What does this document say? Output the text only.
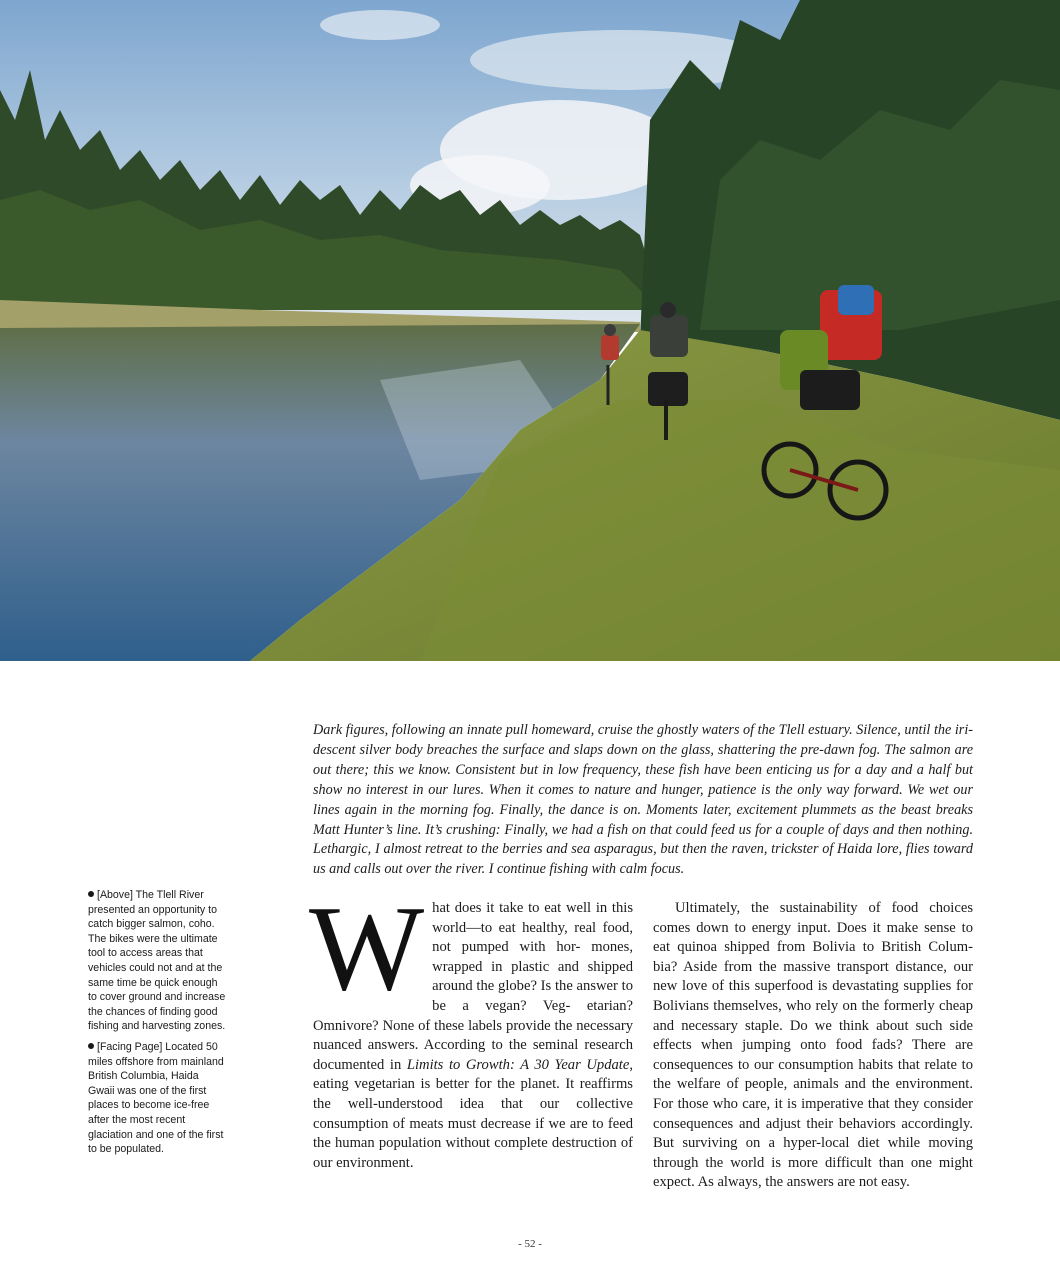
Dark figures, following an innate pull homeward, cruise the ghostly waters of the Tlell estuary. Silence, until the iri- descent silver body breaches the surface and slaps down on the glass, shattering the pre-dawn fog. The salmon are out there; this we know. Consistent but in low frequency, these fish have been enticing us for a day and a half but show no interest in our lures. When it comes to nature and hunger, patience is the only way forward. We wet our lines again in the morning fog. Finally, the dance is on. Moments later, excitement plummets as the beast breaks Matt Hunter’s line. It’s crushing: Finally, we had a fish on that could feed us for a couple of days and then nothing. Lethargic, I almost retreat to the berries and sea asparagus, but then the raven, trickster of Haida lore, flies toward us and calls out over the river. I continue fishing with calm focus.

[Above] The Tlell River presented an opportunity to catch bigger salmon, coho. The bikes were the ultimate tool to access areas that vehicles could not and at the same time be quick enough to cover ground and increase the chances of finding good fishing and harvesting zones.

[Facing Page] Located 50 miles offshore from mainland British Columbia, Haida Gwaii was one of the first places to become ice-free after the most recent glaciation and one of the first to be populated.

What does it take to eat well in this world—to eat healthy, real food, not pumped with hor- mones, wrapped in plastic and shipped around the globe? Is the answer to be a vegan? Veg- etarian? Omnivore? None of these labels provide the necessary nuanced answers. According to the seminal research documented in Limits to Growth: A 30 Year Update, eating vegetarian is better for the planet. It reaffirms the well-understood idea that our collective consumption of meats must decrease if we are to feed the human population without complete destruction of our environment.

Ultimately, the sustainability of food choices comes down to energy input. Does it make sense to eat quinoa shipped from Bolivia to British Colum- bia? Aside from the massive transport distance, our new love of this superfood is devastating supplies for Bolivians themselves, who rely on the formerly cheap and necessary staple. Do we think about such side effects when jumping onto food fads? There are consequences to our consumption habits that relate to the welfare of people, animals and the environment. For those who care, it is imperative that they consider consequences and adjust their behaviors accordingly. But surviving on a hyper-local diet while moving through the world is more difficult than one might expect. As always, the answers are not easy.

- 52 -
